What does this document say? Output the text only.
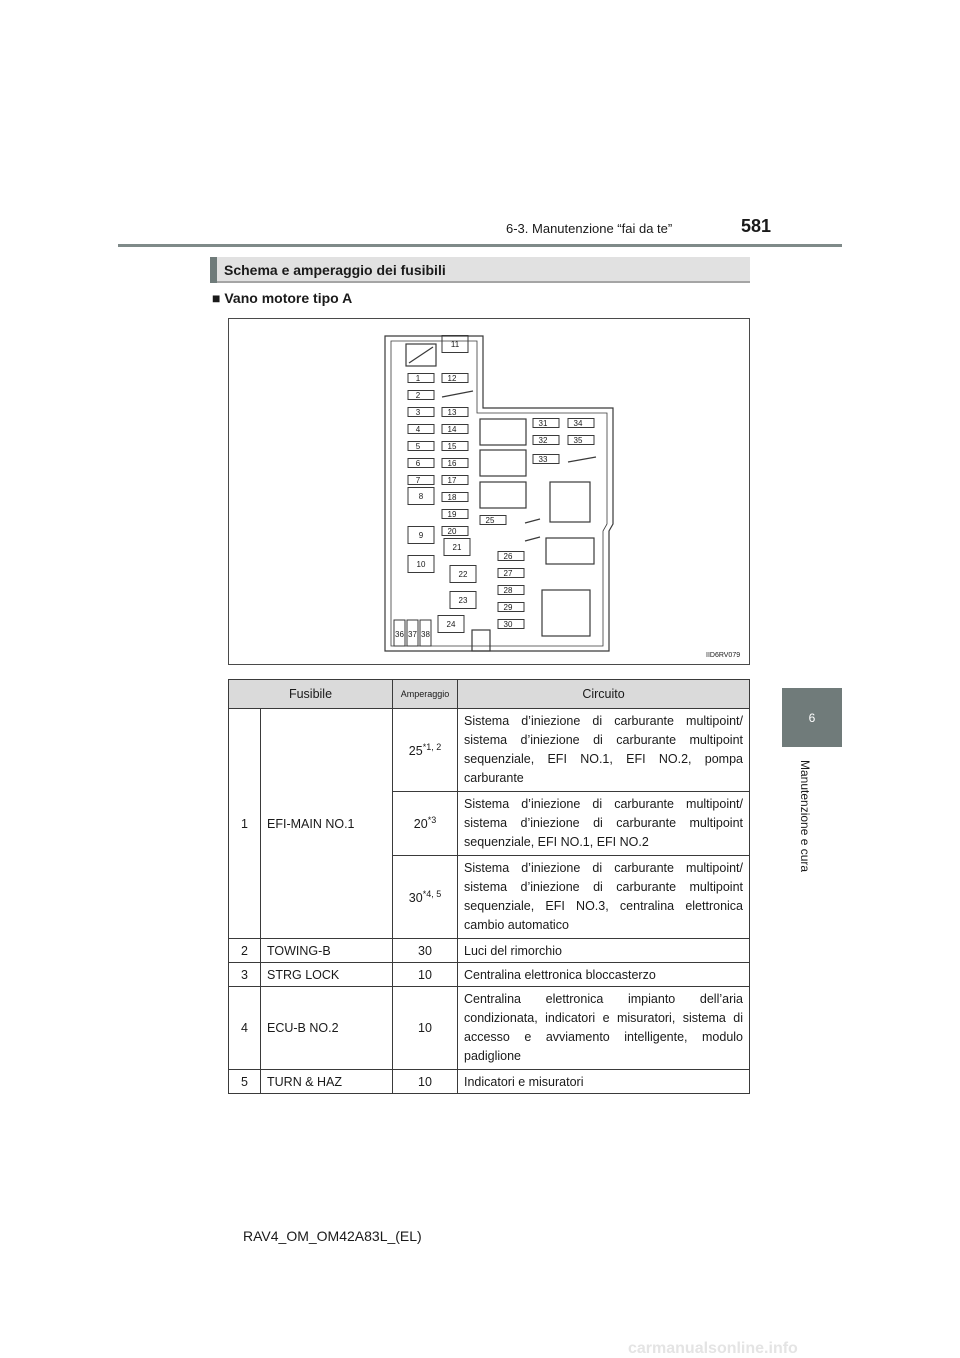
6-3. Manutenzione “fai da te”	581
6
Manutenzione e cura
Schema e amperaggio dei fusibili
■ Vano motore tipo A
1
2
3
4
5
6
7
8
9
10
11
12
13
14
15
16
17
18
19
20
21
22
23
24
25
26
27
28
29
30
31
32
33
34
35
36 37 38
IID6RV079
Fusibile		Amperaggio	Circuito
1	EFI-MAIN NO.1	25$^{*1, 2}$	Sistema d’iniezione di carburante multipoint/ sistema d’iniezione di carburante multipoint sequenziale, EFI NO.1, EFI NO.2, pompa carburante
		20$^{*3}$	Sistema d’iniezione di carburante multipoint/ sistema d’iniezione di carburante multipoint sequenziale, EFI NO.1, EFI NO.2
		30$^{*4, 5}$	Sistema d’iniezione di carburante multipoint/ sistema d’iniezione di carburante multipoint sequenziale, EFI NO.3, centralina elettronica cambio automatico
2	TOWING-B	30	Luci del rimorchio
3	STRG LOCK	10	Centralina elettronica bloccasterzo
4	ECU-B NO.2	10	Centralina elettronica impianto dell’aria condizionata, indicatori e misuratori, sistema di accesso e avviamento intelligente, modulo padiglione
5	TURN & HAZ	10	Indicatori e misuratori
RAV4_OM_OM42A83L_(EL)
carmanualsonline.info
